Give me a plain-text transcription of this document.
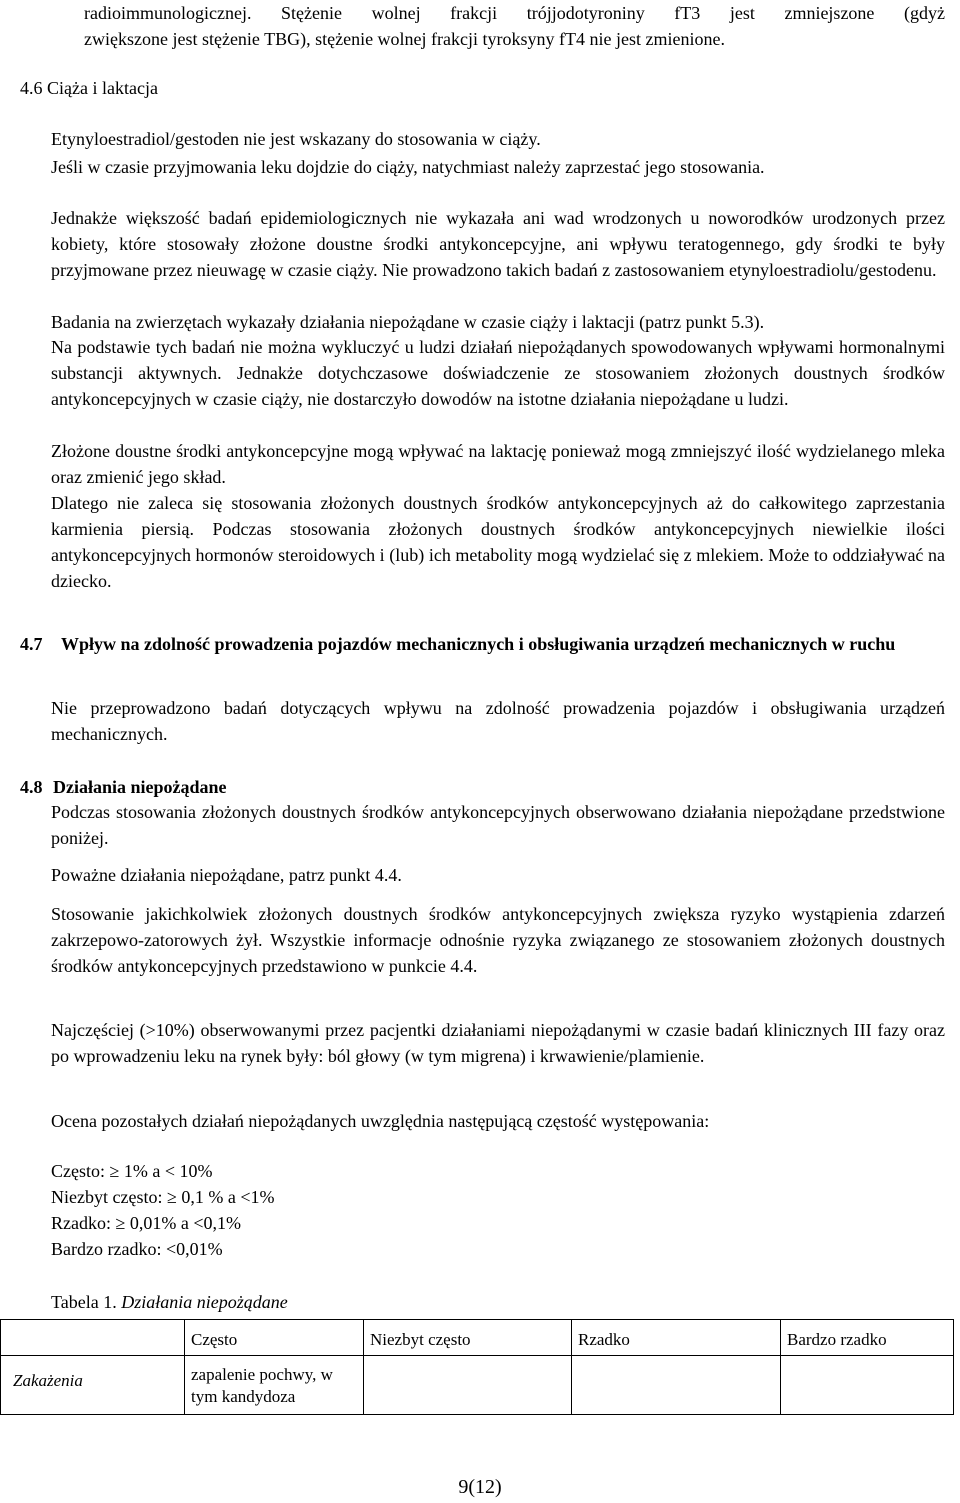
radioimmunologicznej. Stężenie wolnej frakcji trójjodotyroniny fT3 jest zmniejszone (gdyż

zwiększone jest stężenie TBG), stężenie wolnej frakcji tyroksyny fT4 nie jest zmienione.

4.6 Ciąża i laktacja

Etynyloestradiol/gestoden nie jest wskazany do stosowania w ciąży.

Jeśli w czasie przyjmowania leku dojdzie do ciąży, natychmiast należy zaprzestać jego stosowania.

Jednakże większość badań epidemiologicznych nie wykazała ani wad wrodzonych u noworodków urodzonych przez kobiety, które stosowały złożone doustne środki antykoncepcyjne, ani wpływu teratogennego, gdy środki te były przyjmowane przez nieuwagę w czasie ciąży. Nie prowadzono takich badań z zastosowaniem etynyloestradiolu/gestodenu.

Badania na zwierzętach wykazały działania niepożądane w czasie ciąży i laktacji (patrz punkt 5.3).

Na podstawie tych badań nie można wykluczyć u ludzi działań niepożądanych spowodowanych wpływami hormonalnymi substancji aktywnych. Jednakże dotychczasowe doświadczenie ze stosowaniem złożonych doustnych środków antykoncepcyjnych w czasie ciąży, nie dostarczyło dowodów na istotne działania niepożądane u ludzi.

Złożone doustne środki antykoncepcyjne mogą wpływać na laktację ponieważ mogą zmniejszyć ilość wydzielanego mleka oraz zmienić jego skład.

Dlatego nie zaleca się stosowania złożonych doustnych środków antykoncepcyjnych aż do całkowitego zaprzestania karmienia piersią. Podczas stosowania złożonych doustnych środków antykoncepcyjnych niewielkie ilości antykoncepcyjnych hormonów steroidowych i (lub) ich metabolity mogą wydzielać się z mlekiem. Może to oddziaływać na dziecko.

4.7 Wpływ na zdolność prowadzenia pojazdów mechanicznych i obsługiwania urządzeń mechanicznych w ruchu

Nie przeprowadzono badań dotyczących wpływu na zdolność prowadzenia pojazdów i obsługiwania urządzeń mechanicznych.

4.8 Działania niepożądane

Podczas stosowania złożonych doustnych środków antykoncepcyjnych obserwowano działania niepożądane przedstwione poniżej.

Poważne działania niepożądane, patrz punkt 4.4.

Stosowanie jakichkolwiek złożonych doustnych środków antykoncepcyjnych zwiększa ryzyko wystąpienia zdarzeń zakrzepowo-zatorowych żył. Wszystkie informacje odnośnie ryzyka związanego ze stosowaniem złożonych doustnych środków antykoncepcyjnych przedstawiono w punkcie 4.4.

Najczęściej (>10%) obserwowanymi przez pacjentki działaniami niepożądanymi w czasie badań klinicznych III fazy oraz po wprowadzeniu leku na rynek były: ból głowy (w tym migrena) i krwawienie/plamienie.

Ocena pozostałych działań niepożądanych uwzględnia następującą częstość występowania:

Często: ≥ 1% a < 10%

Niezbyt często: ≥ 0,1 % a <1%

Rzadko: ≥ 0,01% a <0,1%

Bardzo rzadko: <0,01%

Tabela 1. Działania niepożądane

	Często	Niezbyt często	Rzadko	Bardzo rzadko
Zakażenia	zapalenie pochwy, w tym kandydoza			
9(12)
